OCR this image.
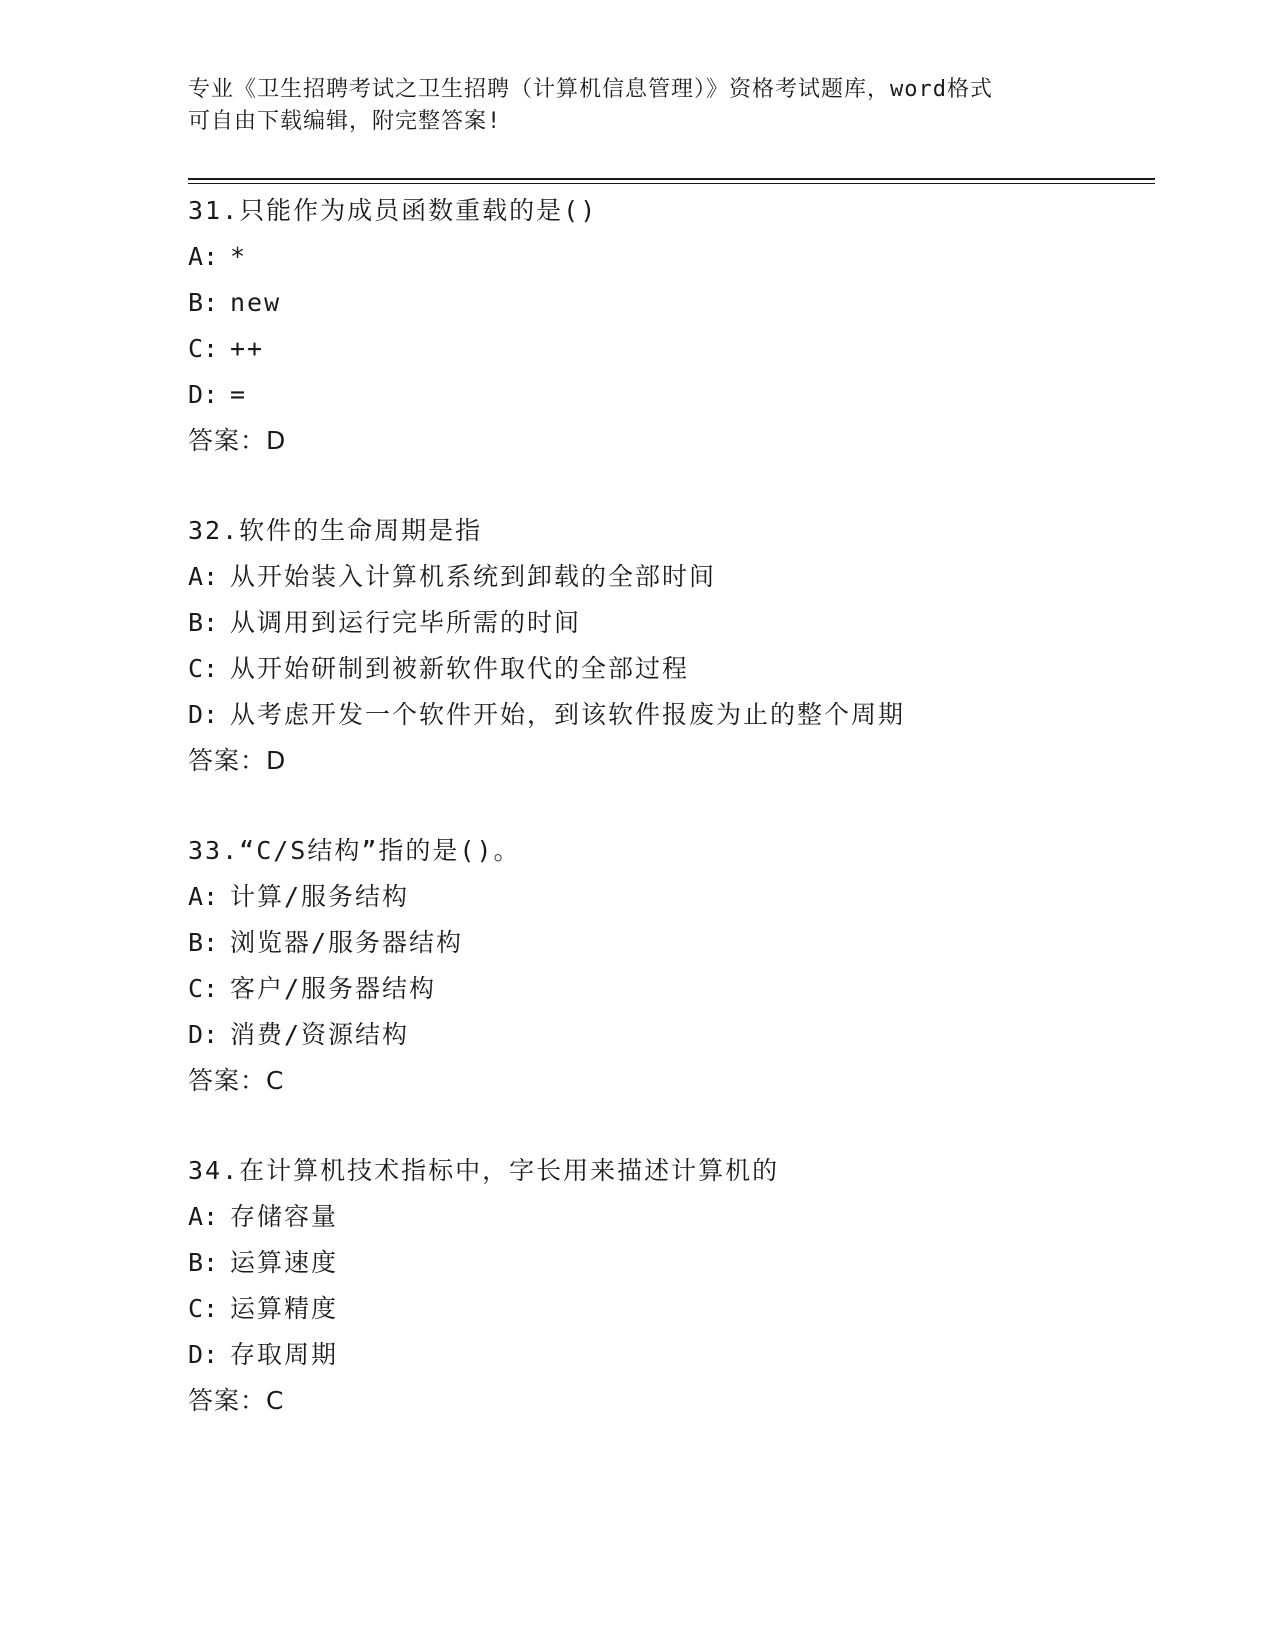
专业《卫生招聘考试之卫生招聘（计算机信息管理）》资格考试题库，word格式
可自由下载编辑，附完整答案!
31.只能作为成员函数重载的是()
A: *
B: new
C: ++
D: =
答案：D
32.软件的生命周期是指
A: 从开始装入计算机系统到卸载的全部时间
B: 从调用到运行完毕所需的时间
C: 从开始研制到被新软件取代的全部过程
D: 从考虑开发一个软件开始，到该软件报废为止的整个周期
答案：D
33.“C/S结构”指的是()。
A: 计算/服务结构
B: 浏览器/服务器结构
C: 客户/服务器结构
D: 消费/资源结构
答案：C
34.在计算机技术指标中，字长用来描述计算机的
A: 存储容量
B: 运算速度
C: 运算精度
D: 存取周期
答案：C
